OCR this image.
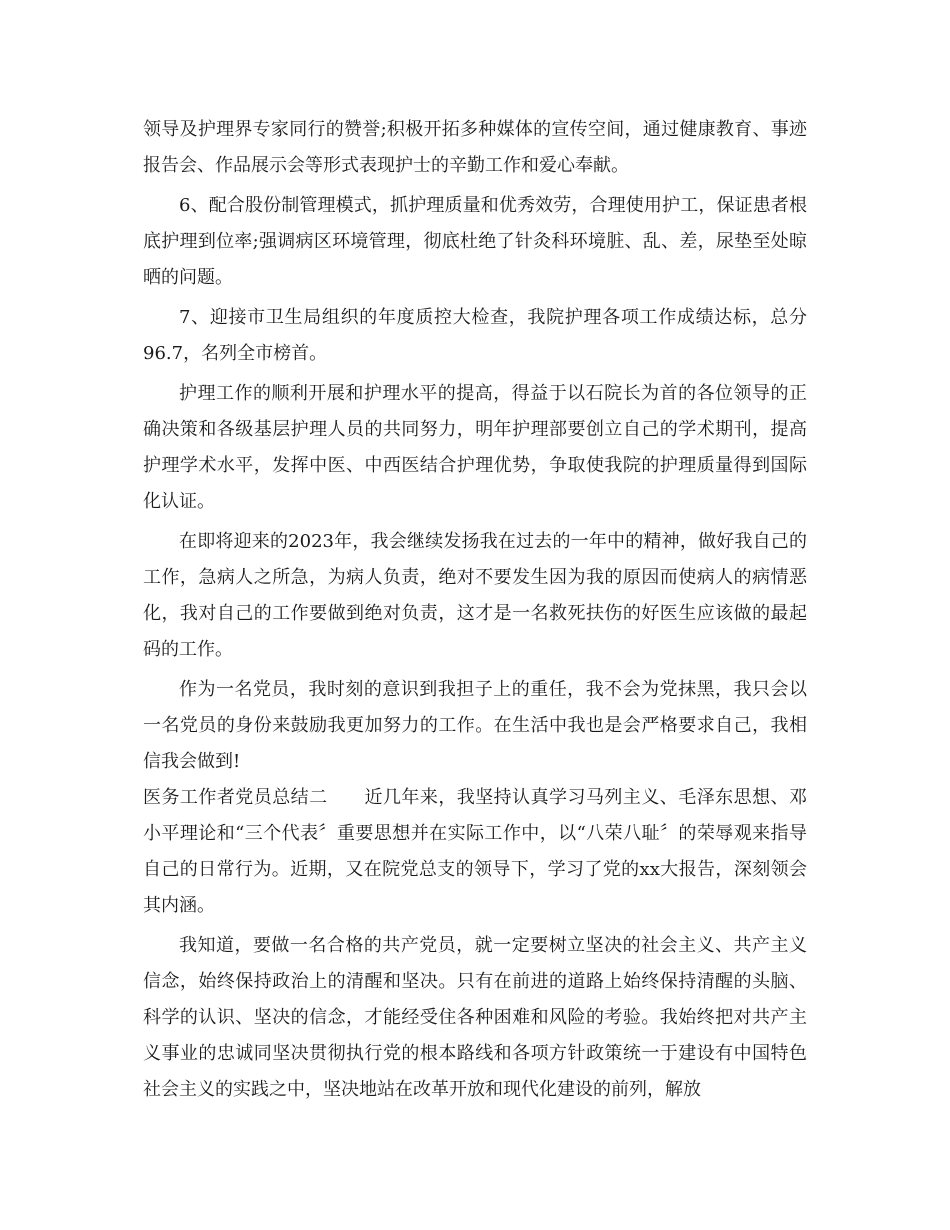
领导及护理界专家同行的赞誉;积极开拓多种媒体的宣传空间，通过健康教育、事迹报告会、作品展示会等形式表现护士的辛勤工作和爱心奉献。

6、配合股份制管理模式，抓护理质量和优秀效劳，合理使用护工，保证患者根底护理到位率;强调病区环境管理，彻底杜绝了针灸科环境脏、乱、差，尿垫至处晾晒的问题。

7、迎接市卫生局组织的年度质控大检查，我院护理各项工作成绩达标，总分96.7，名列全市榜首。

护理工作的顺利开展和护理水平的提高，得益于以石院长为首的各位领导的正确决策和各级基层护理人员的共同努力，明年护理部要创立自己的学术期刊，提高护理学术水平，发挥中医、中西医结合护理优势，争取使我院的护理质量得到国际化认证。

在即将迎来的2023年，我会继续发扬我在过去的一年中的精神，做好我自己的工作，急病人之所急，为病人负责，绝对不要发生因为我的原因而使病人的病情恶化，我对自己的工作要做到绝对负责，这才是一名救死扶伤的好医生应该做的最起码的工作。

作为一名党员，我时刻的意识到我担子上的重任，我不会为党抹黑，我只会以一名党员的身份来鼓励我更加努力的工作。在生活中我也是会严格要求自己，我相信我会做到!

医务工作者党员总结二　　近几年来，我坚持认真学习马列主义、毛泽东思想、邓小平理论和“三个代表〞重要思想并在实际工作中，以“八荣八耻〞的荣辱观来指导自己的日常行为。近期，又在院党总支的领导下，学习了党的xx大报告，深刻领会其内涵。

我知道，要做一名合格的共产党员，就一定要树立坚决的社会主义、共产主义信念，始终保持政治上的清醒和坚决。只有在前进的道路上始终保持清醒的头脑、科学的认识、坚决的信念，才能经受住各种困难和风险的考验。我始终把对共产主义事业的忠诚同坚决贯彻执行党的根本路线和各项方针政策统一于建设有中国特色社会主义的实践之中，坚决地站在改革开放和现代化建设的前列，解放
